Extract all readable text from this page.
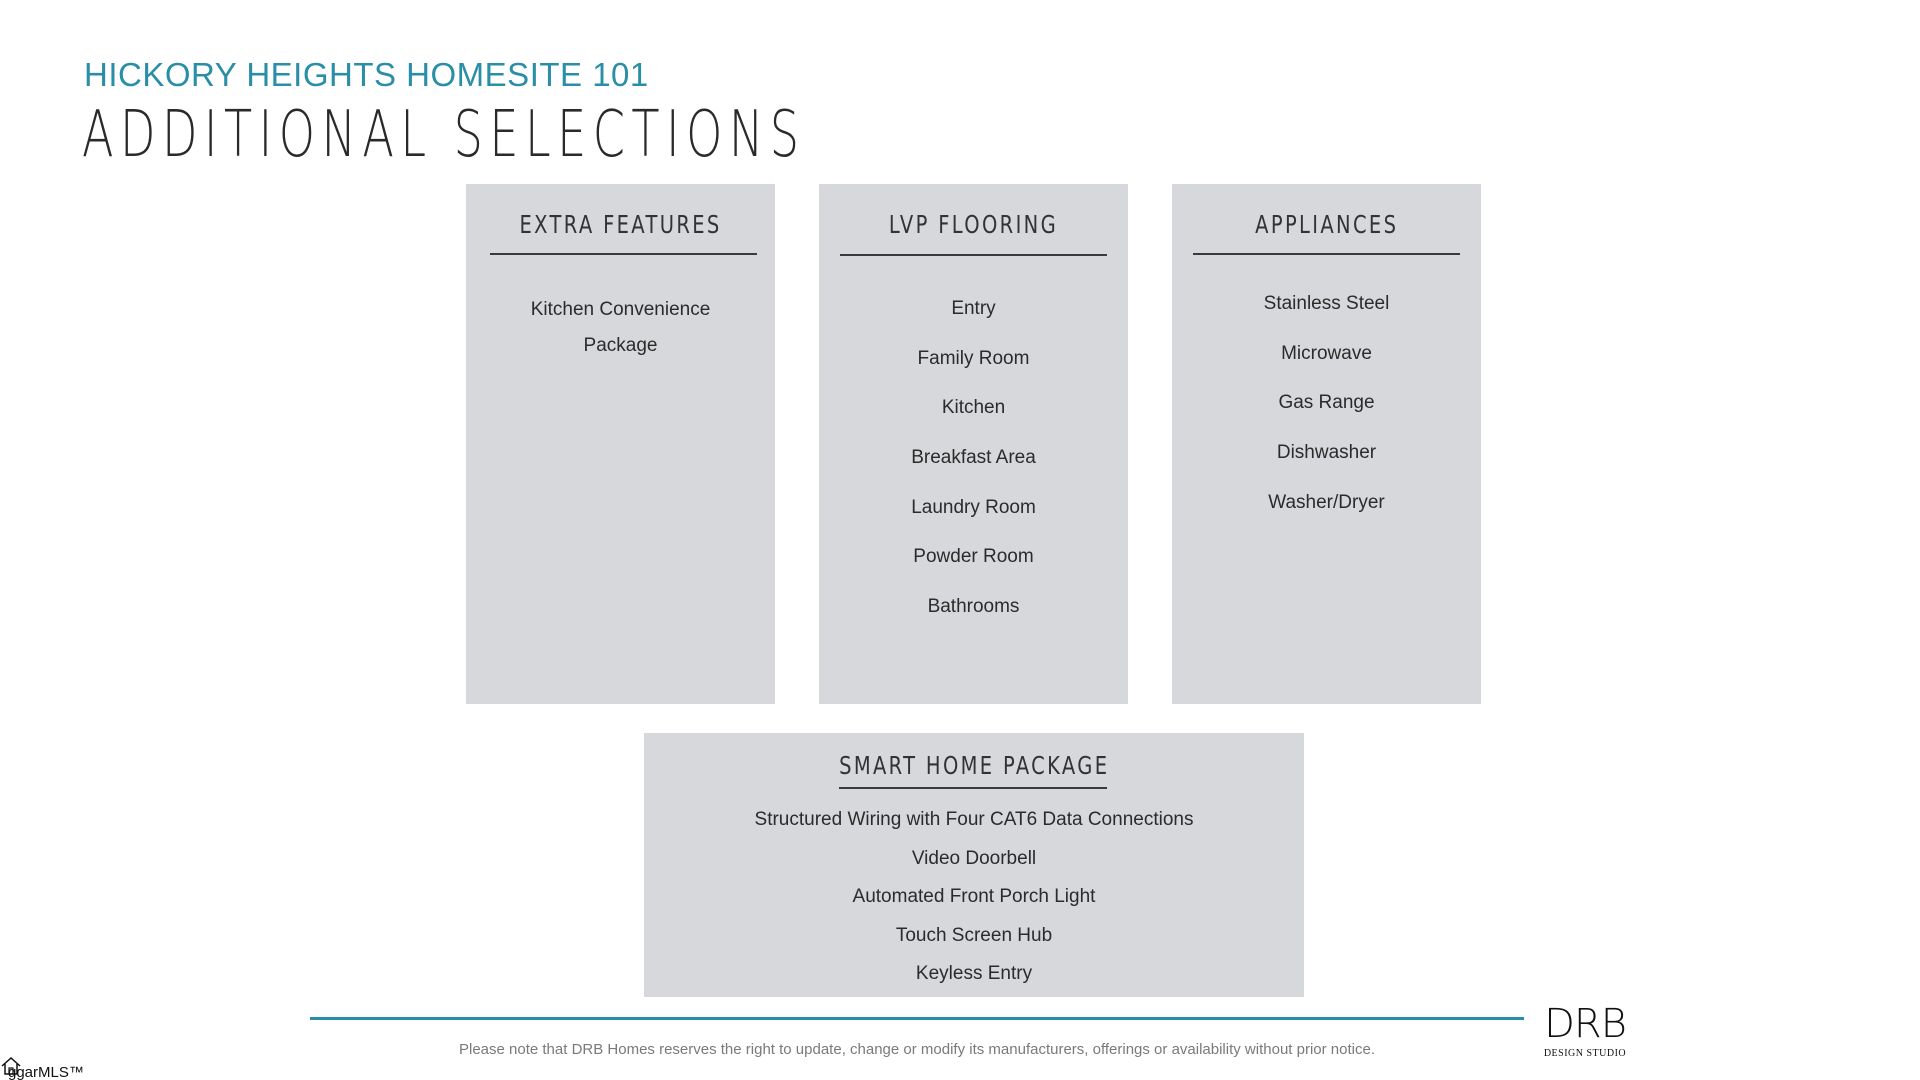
HICKORY HEIGHTS HOMESITE 101
ADDITIONAL SELECTIONS
EXTRA FEATURES
Kitchen Convenience Package
LVP FLOORING
Entry
Family Room
Kitchen
Breakfast Area
Laundry Room
Powder Room
Bathrooms
APPLIANCES
Stainless Steel
Microwave
Gas Range
Dishwasher
Washer/Dryer
SMART HOME PACKAGE
Structured Wiring with Four CAT6 Data Connections
Video Doorbell
Automated Front Porch Light
Touch Screen Hub
Keyless Entry
Please note that DRB Homes reserves the right to update, change or modify its manufacturers, offerings or availability without prior notice.
DRB
DESIGN STUDIO
ggarMLS™
